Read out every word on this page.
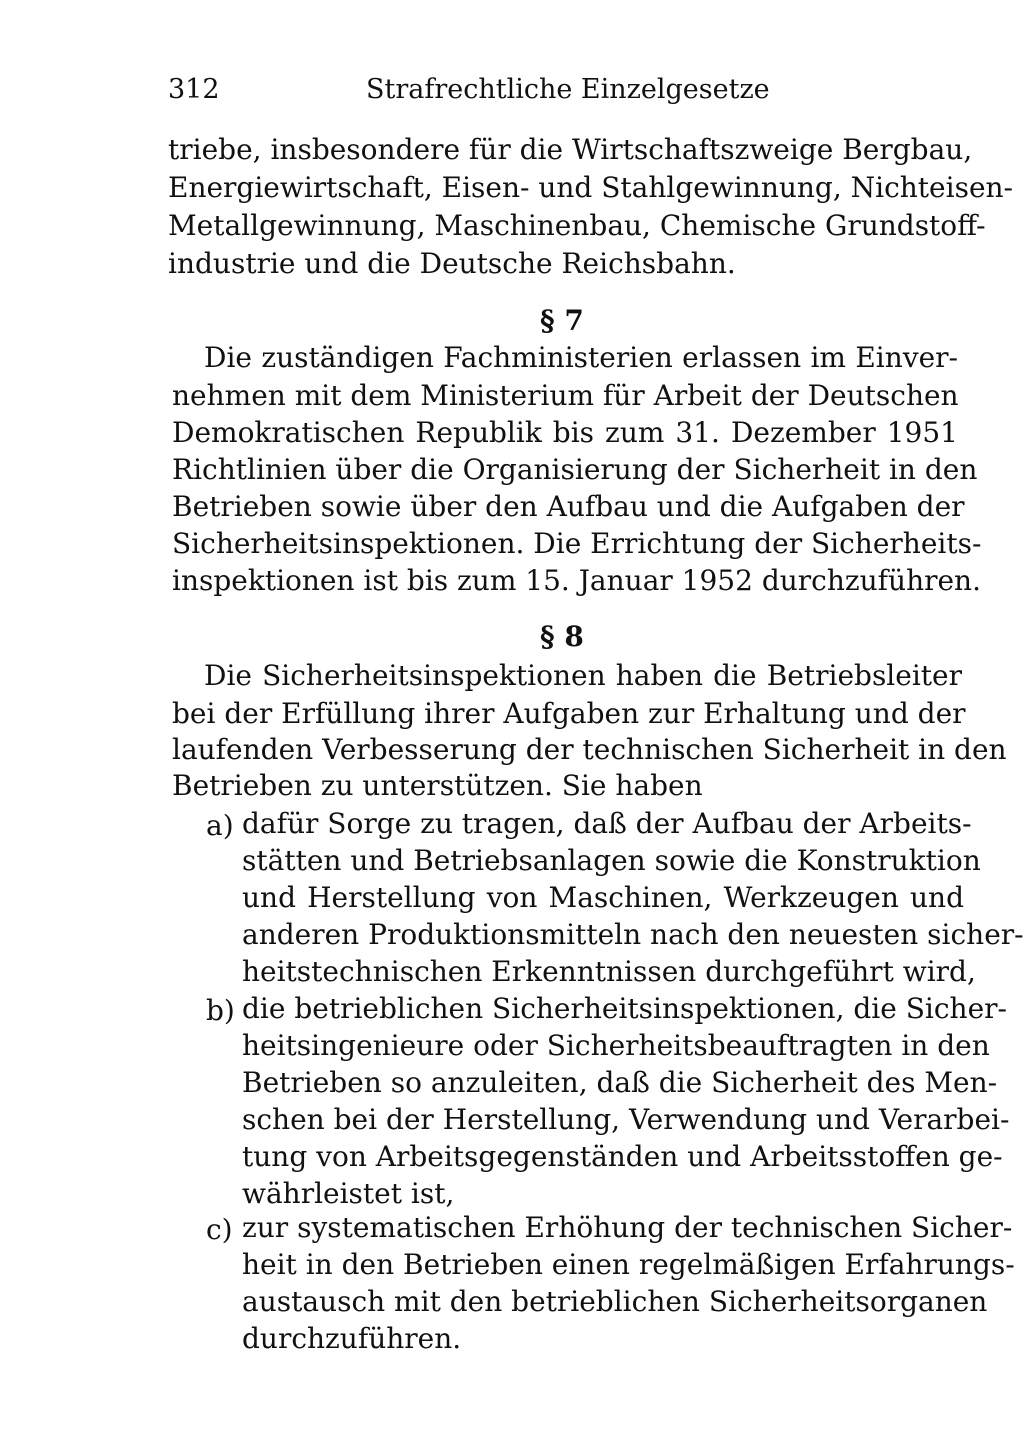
312	Strafrechtliche Einzelgesetze
triebe, insbesondere für die Wirtschaftszweige Bergbau,
Energiewirtschaft, Eisen- und Stahlgewinnung, Nichteisen-
Metallgewinnung, Maschinenbau, Chemische Grundstoff-
industrie und die Deutsche Reichsbahn.
§ 7
Die zuständigen Fachministerien erlassen im Einver-
nehmen mit dem Ministerium für Arbeit der Deutschen
Demokratischen Republik bis zum 31. Dezember 1951
Richtlinien über die Organisierung der Sicherheit in den
Betrieben sowie über den Aufbau und die Aufgaben der
Sicherheitsinspektionen. Die Errichtung der Sicherheits-
inspektionen ist bis zum 15. Januar 1952 durchzuführen.
§ 8
Die Sicherheitsinspektionen haben die Betriebsleiter
bei der Erfüllung ihrer Aufgaben zur Erhaltung und der
laufenden Verbesserung der technischen Sicherheit in den
Betrieben zu unterstützen. Sie haben
a) dafür Sorge zu tragen, daß der Aufbau der Arbeits-
stätten und Betriebsanlagen sowie die Konstruktion
und Herstellung von Maschinen, Werkzeugen und
anderen Produktionsmitteln nach den neuesten sicher-
heitstechnischen Erkenntnissen durchgeführt wird,
b) die betrieblichen Sicherheitsinspektionen, die Sicher-
heitsingenieure oder Sicherheitsbeauftragten in den
Betrieben so anzuleiten, daß die Sicherheit des Men-
schen bei der Herstellung, Verwendung und Verarbei-
tung von Arbeitsgegenständen und Arbeitsstoffen ge-
währleistet ist,
c) zur systematischen Erhöhung der technischen Sicher-
heit in den Betrieben einen regelmäßigen Erfahrungs-
austausch mit den betrieblichen Sicherheitsorganen
durchzuführen.
